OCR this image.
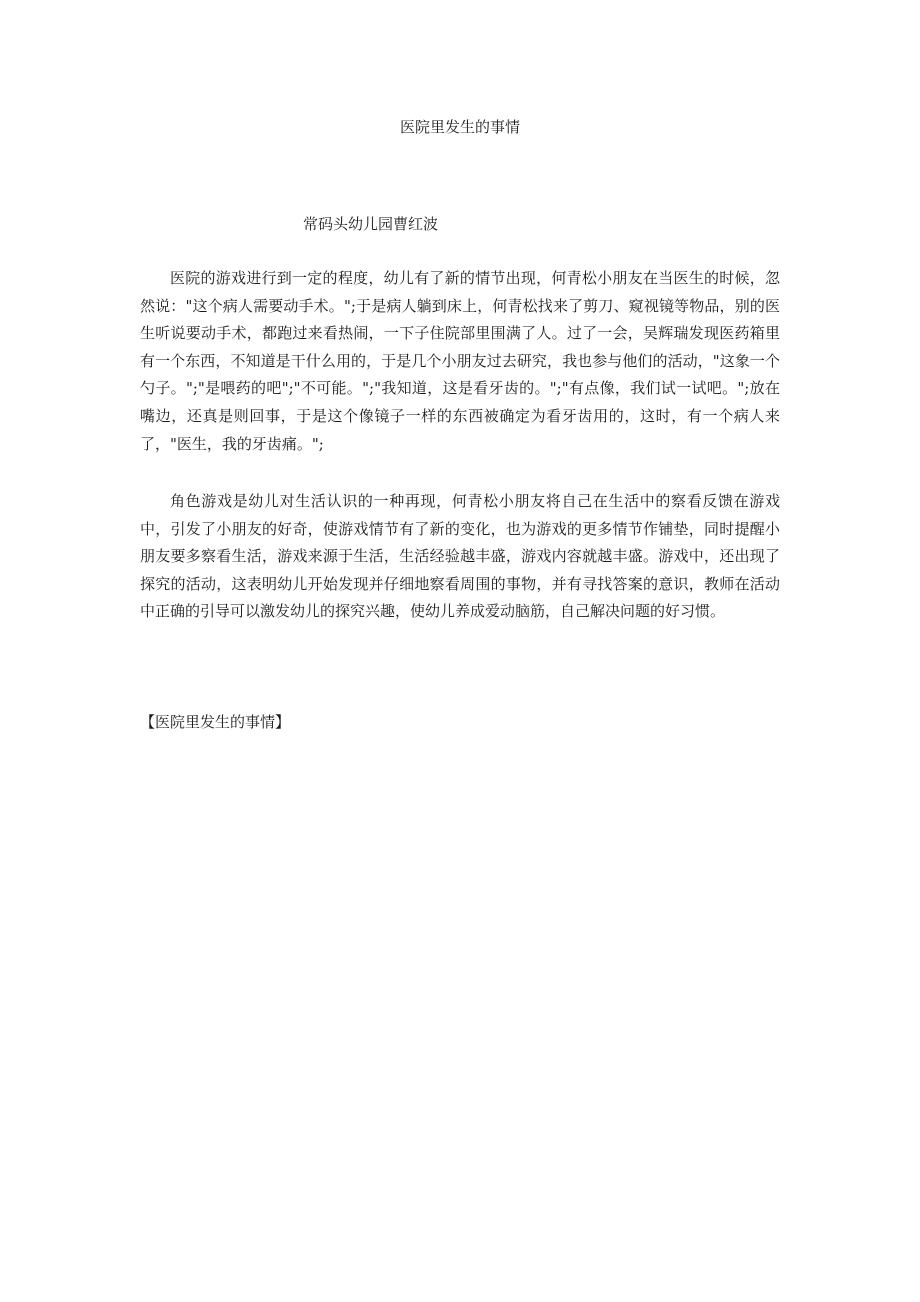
医院里发生的事情
常码头幼儿园曹红波

医院的游戏进行到一定的程度，幼儿有了新的情节出现，何青松小朋友在当医生的时候，忽然说："这个病人需要动手术。";于是病人躺到床上，何青松找来了剪刀、窥视镜等物品，别的医生听说要动手术，都跑过来看热闹，一下子住院部里围满了人。过了一会，吴辉瑞发现医药箱里有一个东西，不知道是干什么用的，于是几个小朋友过去研究，我也参与他们的活动，"这象一个勺子。";"是喂药的吧";"不可能。";"我知道，这是看牙齿的。";"有点像，我们试一试吧。";放在嘴边，还真是则回事，于是这个像镜子一样的东西被确定为看牙齿用的，这时，有一个病人来了，"医生，我的牙齿痛。";

角色游戏是幼儿对生活认识的一种再现，何青松小朋友将自己在生活中的察看反馈在游戏中，引发了小朋友的好奇，使游戏情节有了新的变化，也为游戏的更多情节作铺垫，同时提醒小朋友要多察看生活，游戏来源于生活，生活经验越丰盛，游戏内容就越丰盛。游戏中，还出现了探究的活动，这表明幼儿开始发现并仔细地察看周围的事物，并有寻找答案的意识，教师在活动中正确的引导可以激发幼儿的探究兴趣，使幼儿养成爱动脑筋，自己解决问题的好习惯。

【医院里发生的事情】
